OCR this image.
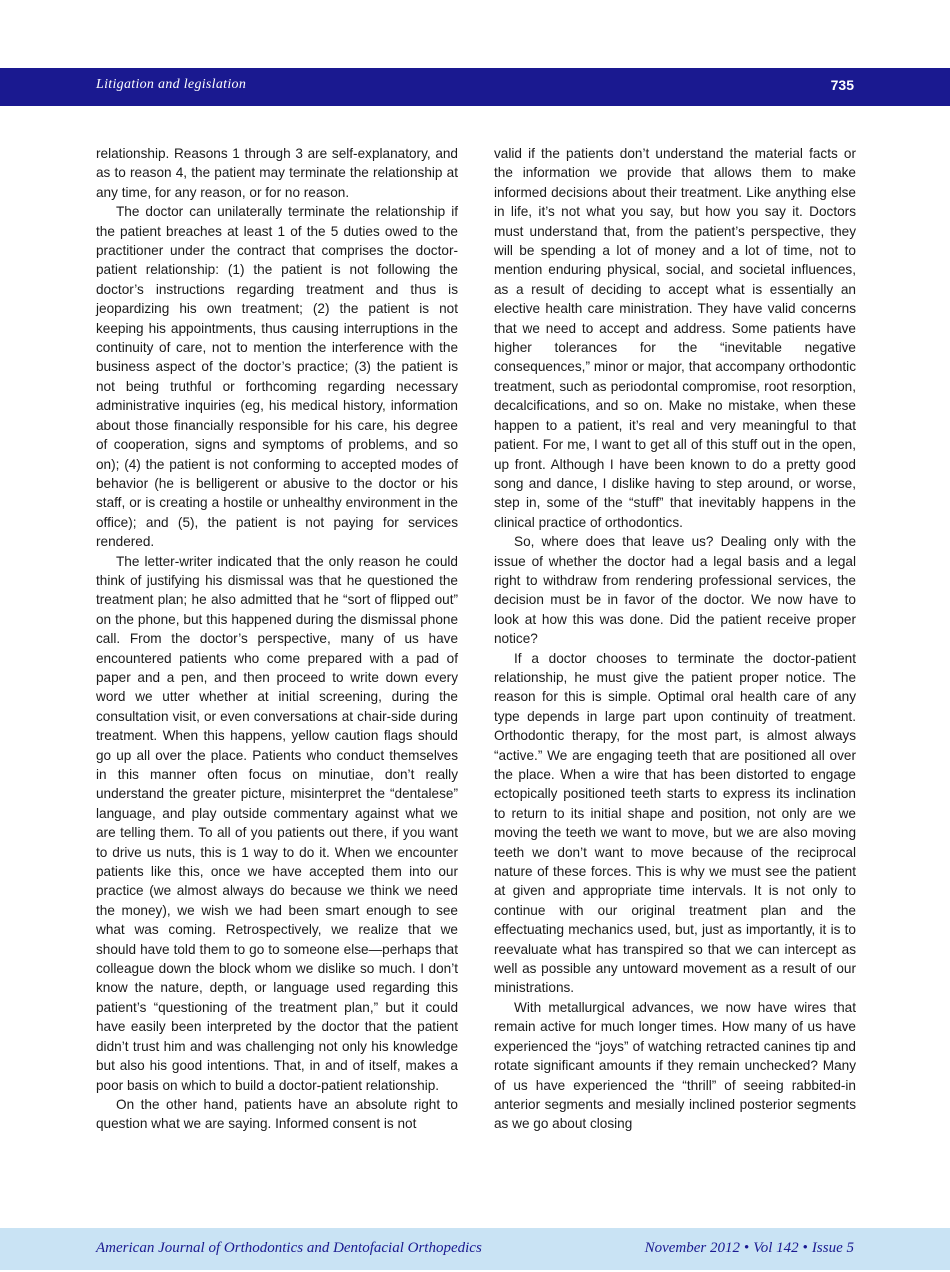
Litigation and legislation	735

relationship. Reasons 1 through 3 are self-explanatory, and as to reason 4, the patient may terminate the relationship at any time, for any reason, or for no reason.

The doctor can unilaterally terminate the relationship if the patient breaches at least 1 of the 5 duties owed to the practitioner under the contract that comprises the doctor-patient relationship: (1) the patient is not following the doctor’s instructions regarding treatment and thus is jeopardizing his own treatment; (2) the patient is not keeping his appointments, thus causing interruptions in the continuity of care, not to mention the interference with the business aspect of the doctor’s practice; (3) the patient is not being truthful or forthcoming regarding necessary administrative inquiries (eg, his medical history, information about those financially responsible for his care, his degree of cooperation, signs and symptoms of problems, and so on); (4) the patient is not conforming to accepted modes of behavior (he is belligerent or abusive to the doctor or his staff, or is creating a hostile or unhealthy environment in the office); and (5), the patient is not paying for services rendered.

The letter-writer indicated that the only reason he could think of justifying his dismissal was that he questioned the treatment plan; he also admitted that he “sort of flipped out” on the phone, but this happened during the dismissal phone call. From the doctor’s perspective, many of us have encountered patients who come prepared with a pad of paper and a pen, and then proceed to write down every word we utter whether at initial screening, during the consultation visit, or even conversations at chair-side during treatment. When this happens, yellow caution flags should go up all over the place. Patients who conduct themselves in this manner often focus on minutiae, don’t really understand the greater picture, misinterpret the “dentalese” language, and play outside commentary against what we are telling them. To all of you patients out there, if you want to drive us nuts, this is 1 way to do it. When we encounter patients like this, once we have accepted them into our practice (we almost always do because we think we need the money), we wish we had been smart enough to see what was coming. Retrospectively, we realize that we should have told them to go to someone else—perhaps that colleague down the block whom we dislike so much. I don’t know the nature, depth, or language used regarding this patient’s “questioning of the treatment plan,” but it could have easily been interpreted by the doctor that the patient didn’t trust him and was challenging not only his knowledge but also his good intentions. That, in and of itself, makes a poor basis on which to build a doctor-patient relationship.

On the other hand, patients have an absolute right to question what we are saying. Informed consent is not

valid if the patients don’t understand the material facts or the information we provide that allows them to make informed decisions about their treatment. Like anything else in life, it’s not what you say, but how you say it. Doctors must understand that, from the patient’s perspective, they will be spending a lot of money and a lot of time, not to mention enduring physical, social, and societal influences, as a result of deciding to accept what is essentially an elective health care ministration. They have valid concerns that we need to accept and address. Some patients have higher tolerances for the “inevitable negative consequences,” minor or major, that accompany orthodontic treatment, such as periodontal compromise, root resorption, decalcifications, and so on. Make no mistake, when these happen to a patient, it’s real and very meaningful to that patient. For me, I want to get all of this stuff out in the open, up front. Although I have been known to do a pretty good song and dance, I dislike having to step around, or worse, step in, some of the “stuff” that inevitably happens in the clinical practice of orthodontics.

So, where does that leave us? Dealing only with the issue of whether the doctor had a legal basis and a legal right to withdraw from rendering professional services, the decision must be in favor of the doctor. We now have to look at how this was done. Did the patient receive proper notice?

If a doctor chooses to terminate the doctor-patient relationship, he must give the patient proper notice. The reason for this is simple. Optimal oral health care of any type depends in large part upon continuity of treatment. Orthodontic therapy, for the most part, is almost always “active.” We are engaging teeth that are positioned all over the place. When a wire that has been distorted to engage ectopically positioned teeth starts to express its inclination to return to its initial shape and position, not only are we moving the teeth we want to move, but we are also moving teeth we don’t want to move because of the reciprocal nature of these forces. This is why we must see the patient at given and appropriate time intervals. It is not only to continue with our original treatment plan and the effectuating mechanics used, but, just as importantly, it is to reevaluate what has transpired so that we can intercept as well as possible any untoward movement as a result of our ministrations.

With metallurgical advances, we now have wires that remain active for much longer times. How many of us have experienced the “joys” of watching retracted canines tip and rotate significant amounts if they remain unchecked? Many of us have experienced the “thrill” of seeing rabbited-in anterior segments and mesially inclined posterior segments as we go about closing

American Journal of Orthodontics and Dentofacial Orthopedics	November 2012 • Vol 142 • Issue 5
